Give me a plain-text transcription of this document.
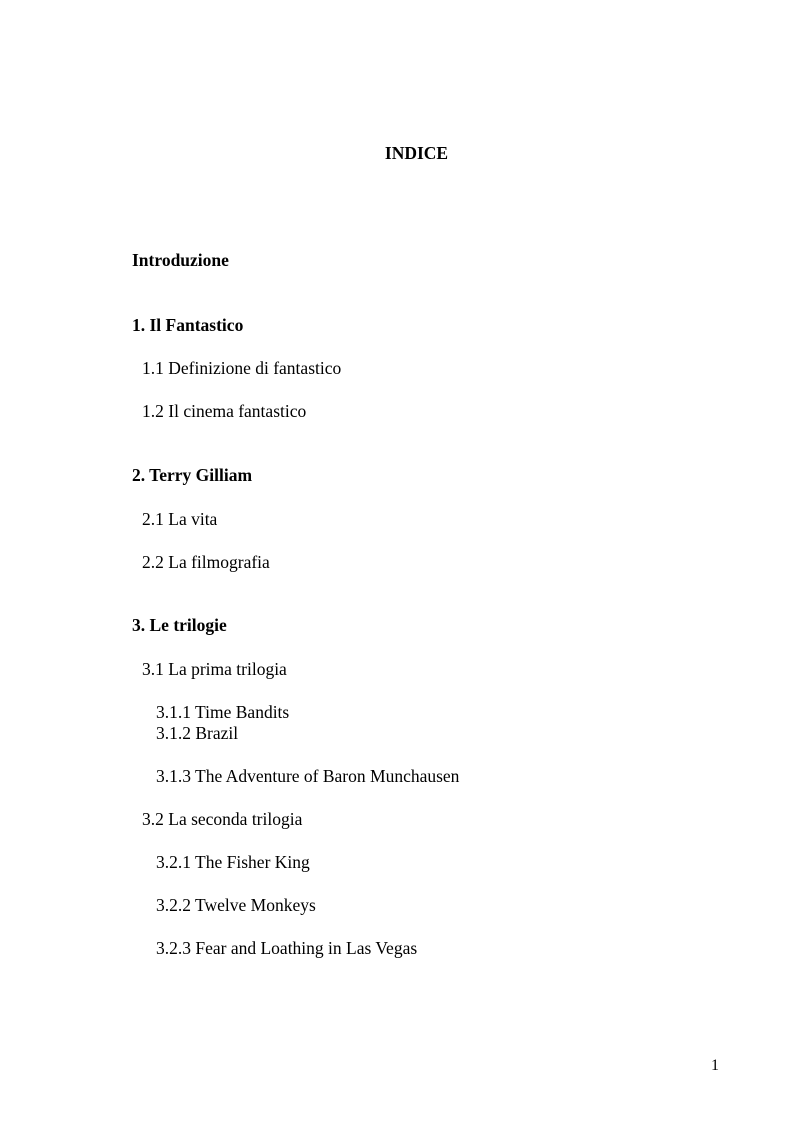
INDICE
Introduzione
1. Il Fantastico
1.1 Definizione di fantastico
1.2 Il cinema fantastico
2. Terry Gilliam
2.1 La vita
2.2 La filmografia
3. Le trilogie
3.1 La prima trilogia
3.1.1 Time Bandits
3.1.2 Brazil
3.1.3 The Adventure of Baron Munchausen
3.2 La seconda trilogia
3.2.1 The Fisher King
3.2.2 Twelve Monkeys
3.2.3 Fear and Loathing in Las Vegas
1
